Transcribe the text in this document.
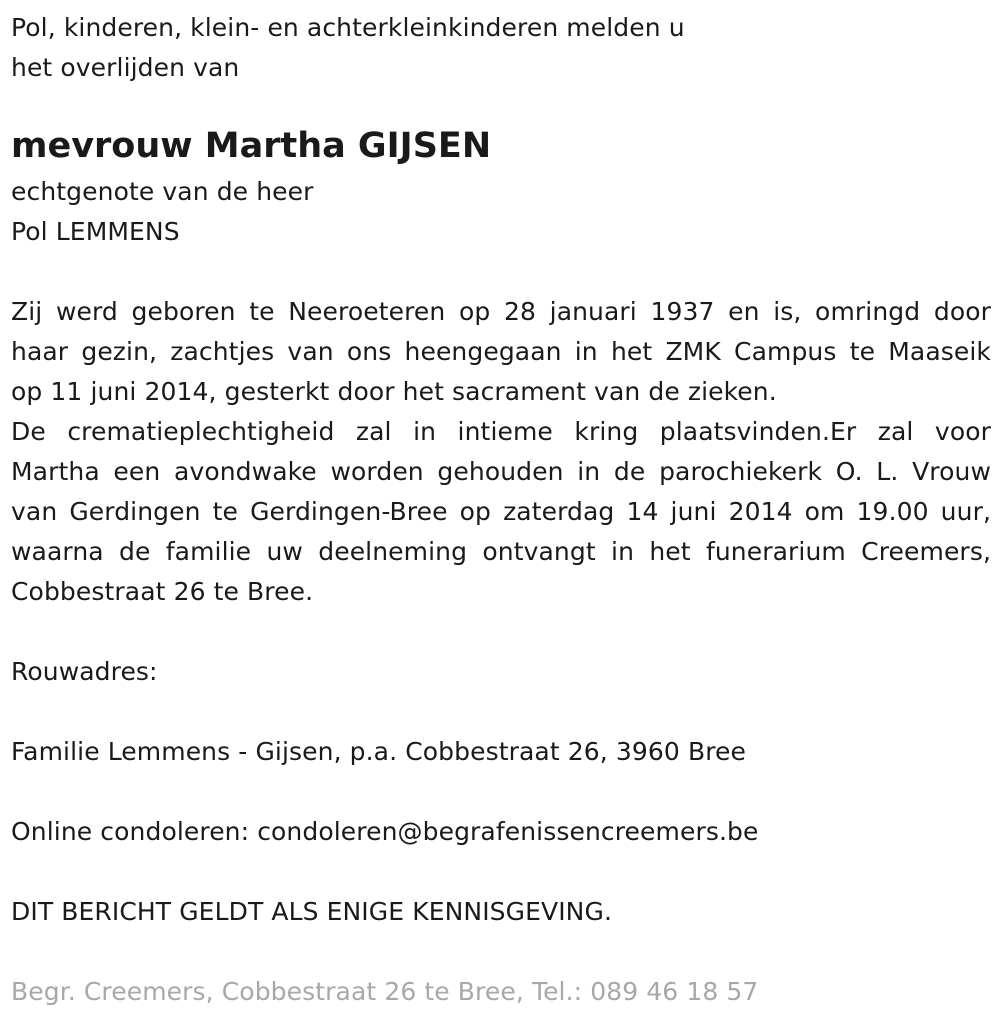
Pol, kinderen, klein- en achterkleinkinderen melden u
het overlijden van
mevrouw Martha GIJSEN
echtgenote van de heer
Pol LEMMENS
Zij werd geboren te Neeroeteren op 28 januari 1937 en is, omringd door
haar gezin, zachtjes van ons heengegaan in het ZMK Campus te Maaseik
op 11 juni 2014, gesterkt door het sacrament van de zieken.
De crematieplechtigheid zal in intieme kring plaatsvinden.Er zal voor
Martha een avondwake worden gehouden in de parochiekerk O. L. Vrouw
van Gerdingen te Gerdingen-Bree op zaterdag 14 juni 2014 om 19.00 uur,
waarna de familie uw deelneming ontvangt in het funerarium Creemers,
Cobbestraat 26 te Bree.
Rouwadres:
Familie Lemmens - Gijsen, p.a. Cobbestraat 26, 3960 Bree
Online condoleren: condoleren@begrafenissencreemers.be
DIT BERICHT GELDT ALS ENIGE KENNISGEVING.
Begr. Creemers, Cobbestraat 26 te Bree, Tel.: 089 46 18 57
